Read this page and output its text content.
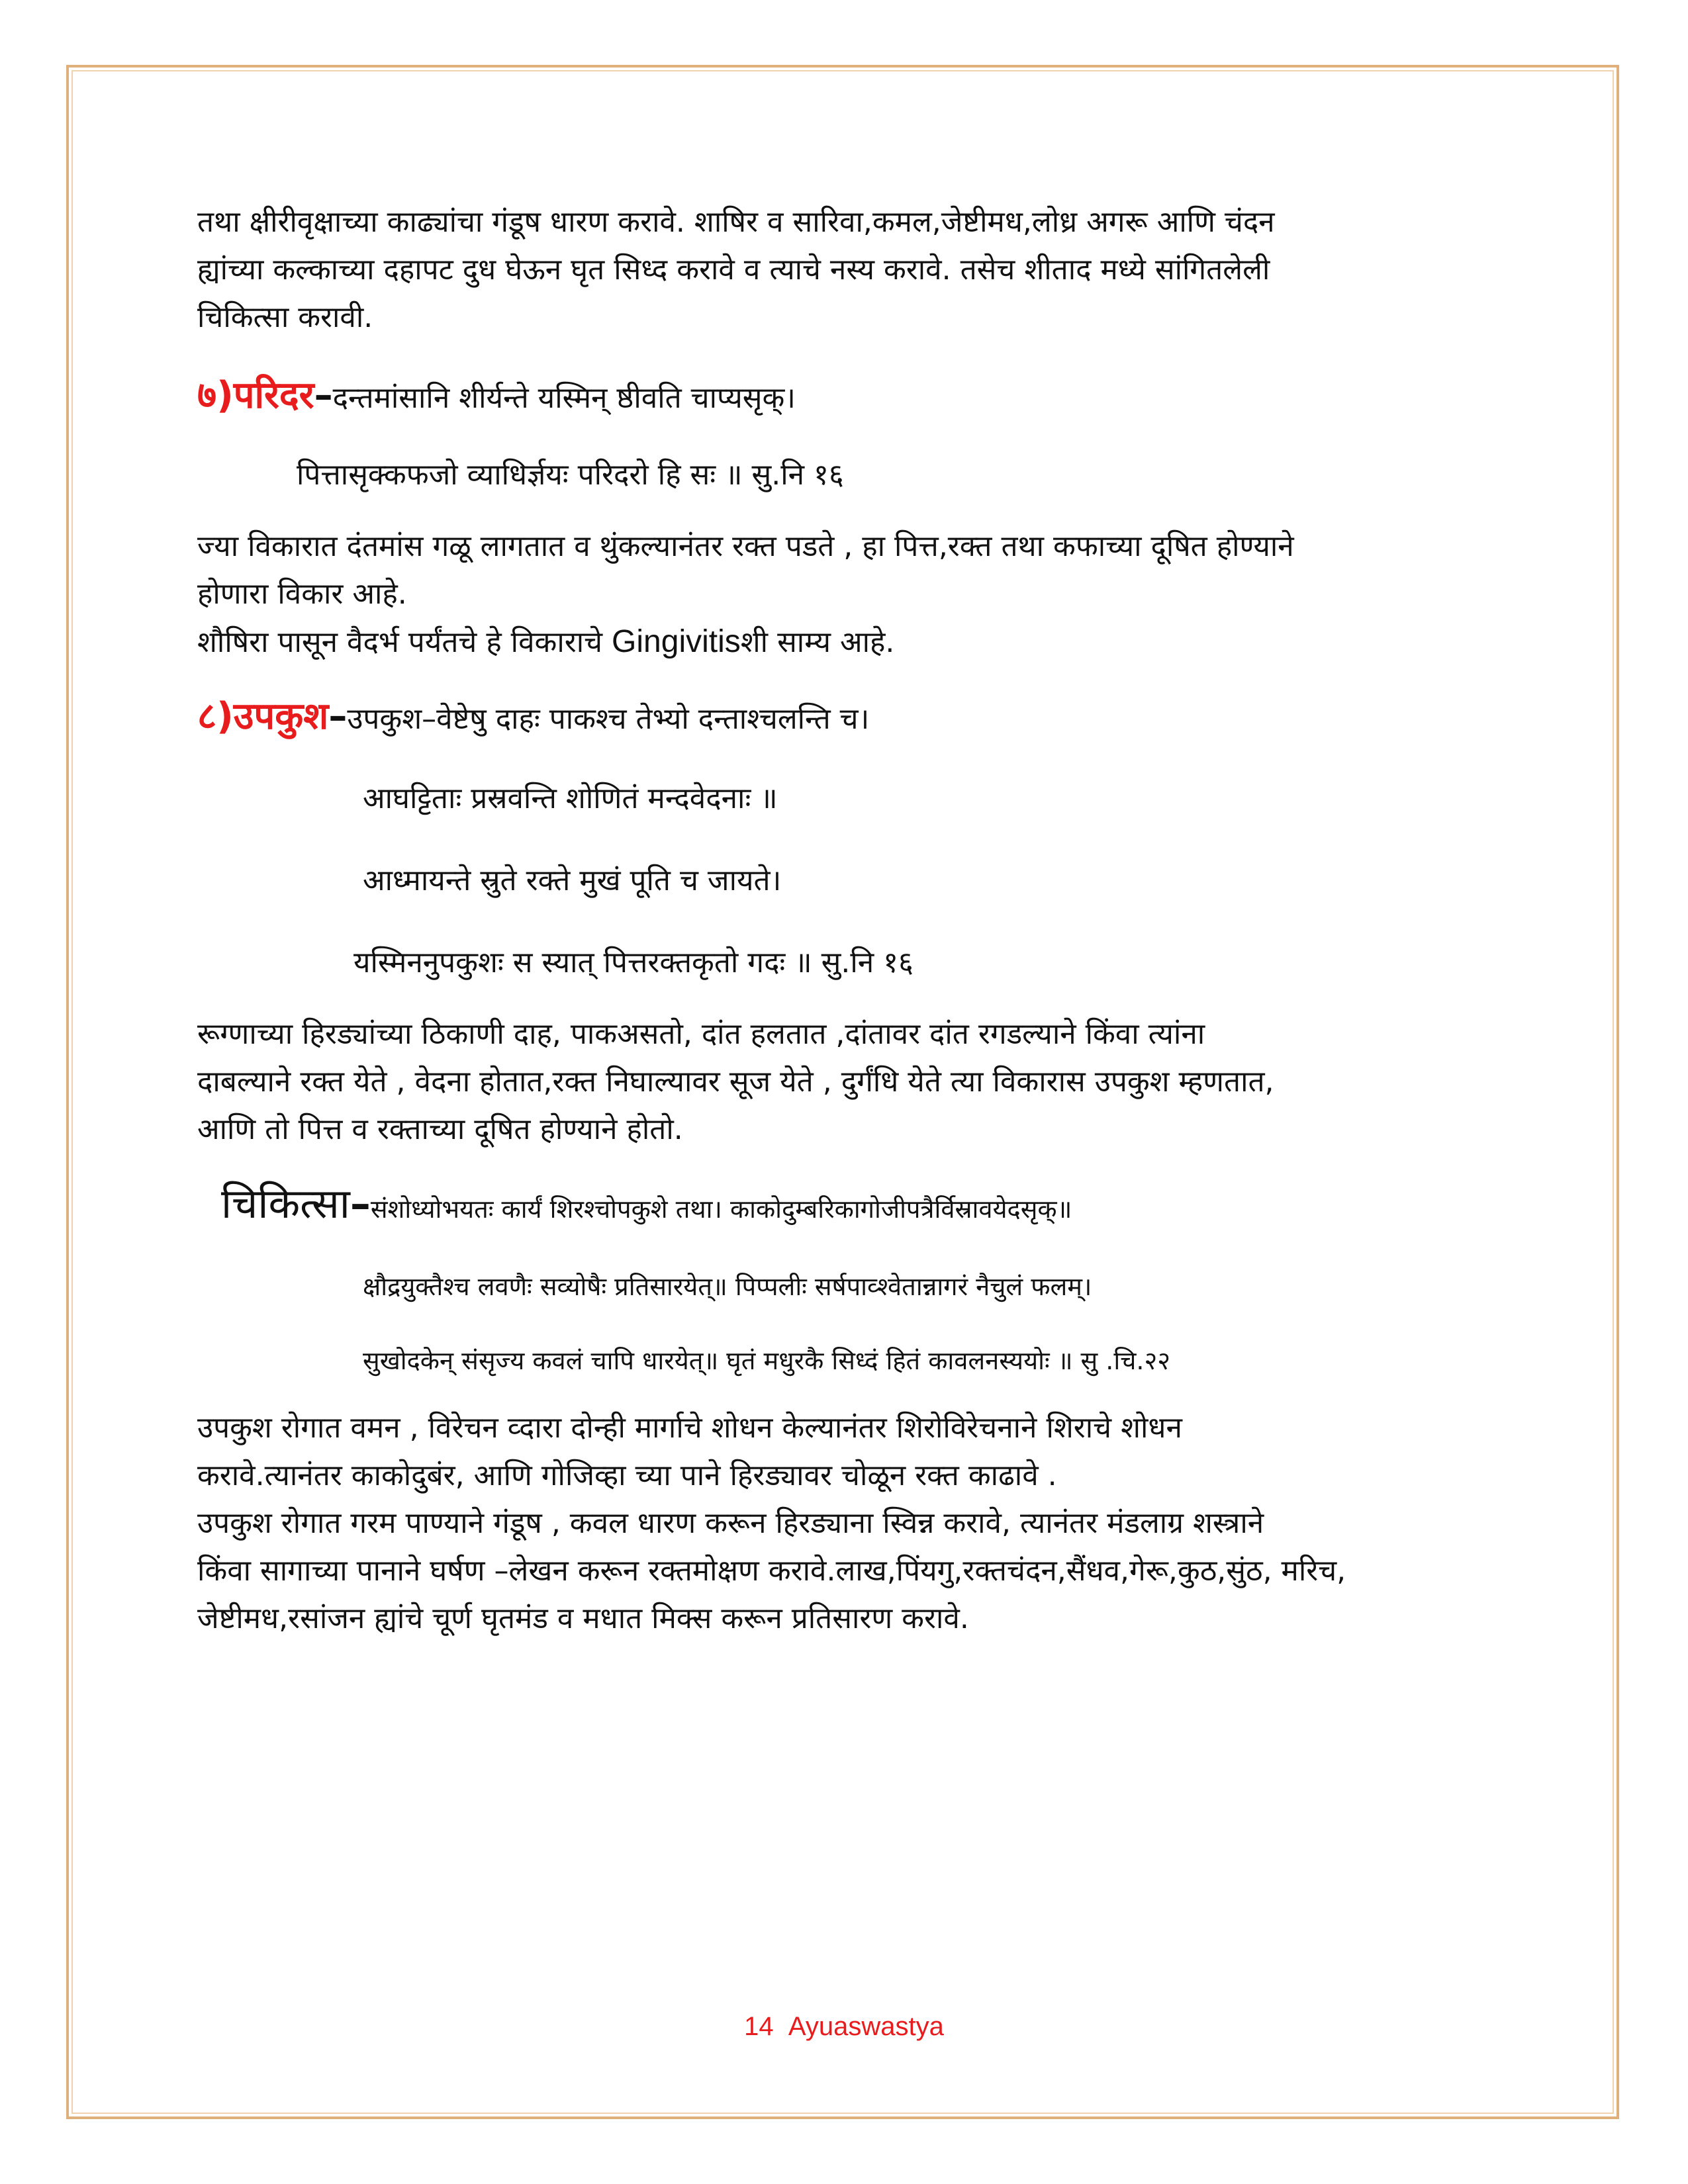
तथा क्षीरीवृक्षाच्या काढ्यांचा गंडूष धारण करावे. शाषिर व सारिवा,कमल,जेष्टीमध,लोध्र अगरू आणि चंदन

ह्यांच्या कल्काच्या दहापट दुध घेऊन घृत सिध्द करावे व त्याचे नस्य करावे. तसेच शीताद मध्ये सांगितलेली

चिकित्सा करावी.

७)परिदर–दन्तमांसानि शीर्यन्ते यस्मिन् ष्ठीवति चाप्यसृक्।

पित्तासृक्कफजो व्याधिर्ज्ञयः परिदरो हि सः ॥ सु.नि १६

ज्या विकारात दंतमांस गळू लागतात व थुंकल्यानंतर रक्त पडते , हा पित्त,रक्त तथा कफाच्या दूषित होण्याने

होणारा विकार आहे.

शौषिरा पासून वैदर्भ पर्यंतचे हे विकाराचे Gingivitisशी साम्य आहे.

८)उपकुश–उपकुश–वेष्टेषु दाहः पाकश्च तेभ्यो दन्ताश्चलन्ति च।

आघट्टिताः प्रस्रवन्ति शोणितं मन्दवेदनाः ॥

आध्मायन्ते स्रुते रक्ते मुखं पूति च जायते।

यस्मिननुपकुशः स स्यात् पित्तरक्तकृतो गदः ॥ सु.नि १६

रूग्णाच्या हिरड्यांच्या ठिकाणी दाह, पाकअसतो, दांत हलतात ,दांतावर दांत रगडल्याने किंवा त्यांना

दाबल्याने रक्त येते , वेदना होतात,रक्त निघाल्यावर सूज येते , दुर्गंधि येते त्या विकारास उपकुश म्हणतात,

आणि तो पित्त व रक्ताच्या दूषित होण्याने होतो.

चिकित्सा–संशोध्योभयतः कार्यं शिरश्चोपकुशे तथा। काकोदुम्बरिकागोजीपत्रैर्विस्रावयेदसृक्॥

क्षौद्रयुक्तैश्च लवणैः सव्योषैः प्रतिसारयेत्॥ पिप्पलीः सर्षपाव्श्वेतान्नागरं नैचुलं फलम्।

सुखोदकेन् संसृज्य कवलं चापि धारयेत्॥ घृतं मधुरकै सिध्दं हितं कावलनस्ययोः ॥ सु .चि.२२

उपकुश रोगात वमन , विरेचन व्दारा दोन्ही मार्गाचे शोधन केल्यानंतर शिरोविरेचनाने शिराचे शोधन

करावे.त्यानंतर काकोदुबंर, आणि गोजिव्हा च्या पाने हिरड्यावर चोळून रक्त काढावे .

उपकुश रोगात गरम पाण्याने गंडूष , कवल धारण करून हिरड्याना स्विन्न करावे, त्यानंतर मंडलाग्र शस्त्राने

किंवा सागाच्या पानाने घर्षण –लेखन करून रक्तमोक्षण करावे.लाख,पिंयगु,रक्तचंदन,सैंधव,गेरू,कुठ,सुंठ, मरिच,

जेष्टीमध,रसांजन ह्यांचे चूर्ण घृतमंड व मधात मिक्स करून प्रतिसारण करावे.

14 Ayuaswastya
